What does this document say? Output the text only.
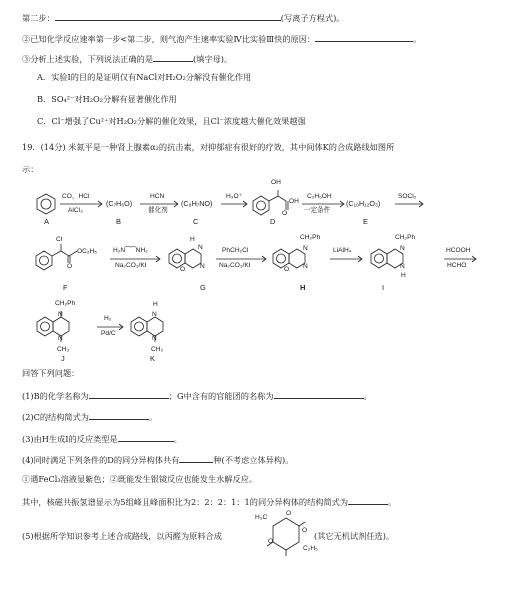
第二步：	(写离子方程式)。
②已知化学反应速率第一步<第二步，则气泡产生速率实验Ⅳ比实验Ⅲ快的原因：	。
③分析上述实验，下列说法正确的是	(填字母)。
A．实验Ⅰ的目的是证明仅有NaCl对H₂O₂分解没有催化作用
B．SO₄²⁻对H₂O₂分解有显著催化作用
C．Cl⁻增强了Cu²⁺对H₂O₂分解的催化效果，且Cl⁻浓度越大催化效果越强
19．(14分) 米氮平是一种肾上腺素α₂的抗击素，对抑郁症有很好的疗效，其中间体K的合成路线如图所
示：
A
CO，HCl
AlCl₃
(C₇H₆O)
B
HCN
催化剂
(C₈H₇NO)
C
H₃O⁺
OH
O
OH
D
C₂H₅OH
一定条件
(C₁₀H₁₂O₃)
E
SOCl₂
Cl
OC₂H₅
O
F
H₂N⁀⁀NH₂
Na₂CO₃/KI
H
N
N
O
G
PhCH₂Cl
Na₂CO₃/KI
CH₂Ph
N
N
O
H
LiAlH₄
CH₂Ph
N
N
H
I
HCOOH
HCHO
CH₂Ph
N
N
CH₃
J
H₂
Pd/C
H
N
N
CH₃
K
回答下列问题：
(1)B的化学名称为	；G中含有的官能团的名称为	。
(2)C的结构简式为	。
(3)由H生成I的反应类型是	。
(4)同时满足下列条件的D的同分异构体共有	种(不考虑立体异构)。
①遇FeCl₃溶液显紫色；②既能发生银镜反应也能发生水解反应。
其中，核磁共振氢谱显示为5组峰且峰面积比为2：2：2：1：1的同分异构体的结构简式为	。
(5)根据所学知识参考上述合成路线，以丙醛为原料合成
H₃C
O
O
O
C₂H₅
(其它无机试剂任选)。
